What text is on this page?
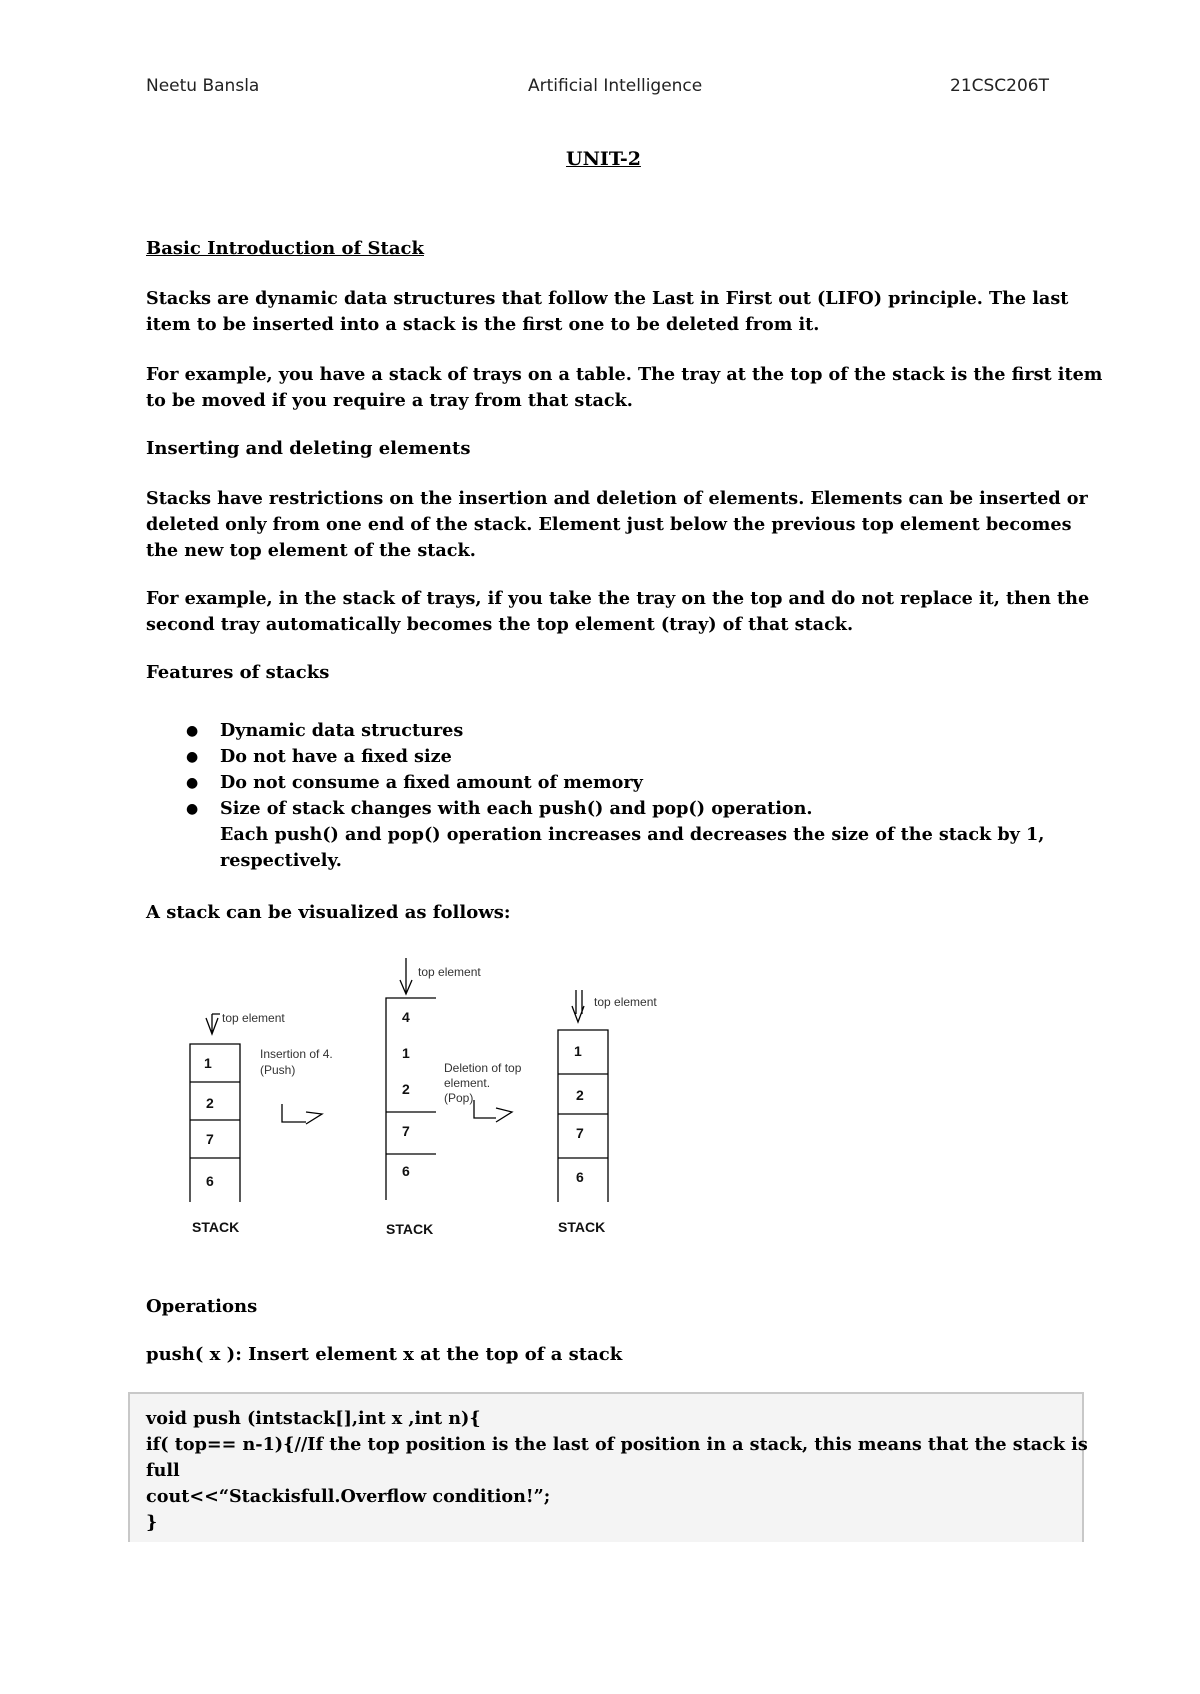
Neetu Bansla	Artificial Intelligence	21CSC206T
UNIT-2
Basic Introduction of Stack
Stacks are dynamic data structures that follow the Last in First out (LIFO) principle. The last
item to be inserted into a stack is the first one to be deleted from it.
For example, you have a stack of trays on a table. The tray at the top of the stack is the first item
to be moved if you require a tray from that stack.
Inserting and deleting elements
Stacks have restrictions on the insertion and deletion of elements. Elements can be inserted or
deleted only from one end of the stack. Element just below the previous top element becomes
the new top element of the stack.
For example, in the stack of trays, if you take the tray on the top and do not replace it, then the
second tray automatically becomes the top element (tray) of that stack.
Features of stacks
● Dynamic data structures
● Do not have a fixed size
● Do not consume a fixed amount of memory
● Size of stack changes with each push() and pop() operation.
Each push() and pop() operation increases and decreases the size of the stack by 1,
respectively.
A stack can be visualized as follows:
top element
top element
top element
Insertion of 4.
(Push)	Deletion of top
element.
(Pop)
1
2
7
6
4
1
2
7
6
1
2
7
6
STACK	STACK	STACK
Operations
push( x ): Insert element x at the top of a stack
void push (intstack[],int x ,int n){
if( top== n-1){//If the top position is the last of position in a stack, this means that the stack is
full
cout<<“Stackisfull.Overflow condition!”;
}
